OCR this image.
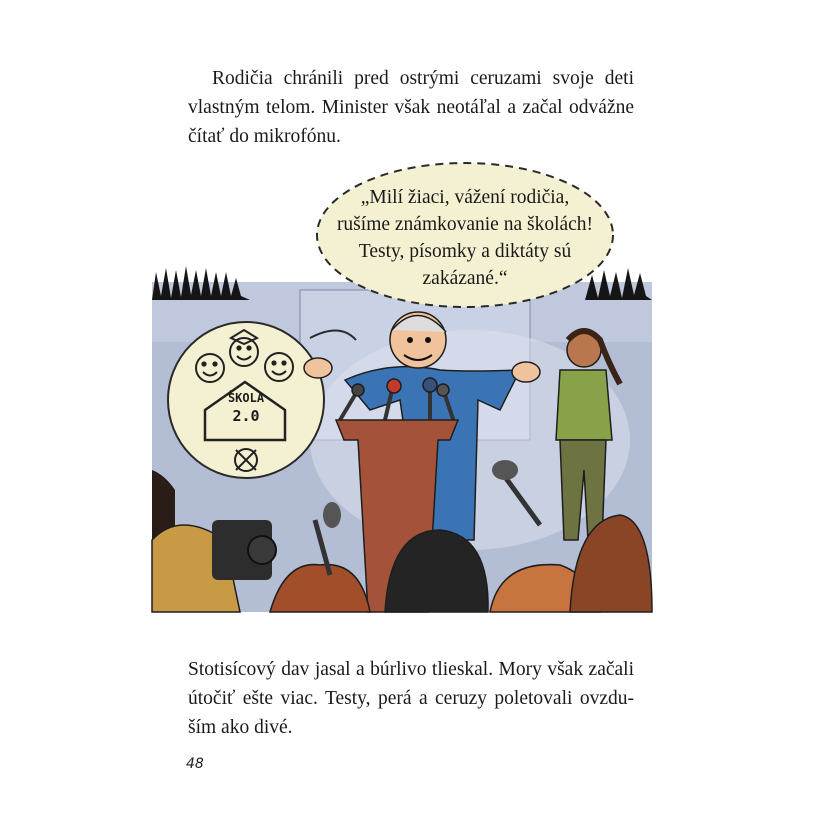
Rodičia chránili pred ostrými ceruzami svoje deti
vlastným telom. Minister však neotáľal a začal odvážne
čítať do mikrofónu.

ŠKOLA
2.0
„Milí žiaci, vážení rodičia,
rušíme známkovanie na školách!
Testy, písomky a diktáty sú
zakázané.“

Stotisícový dav jasal a búrlivo tlieskal. Mory však začali
útočiť ešte viac. Testy, perá a ceruzy poletovali ovzdu-
ším ako divé.

48
